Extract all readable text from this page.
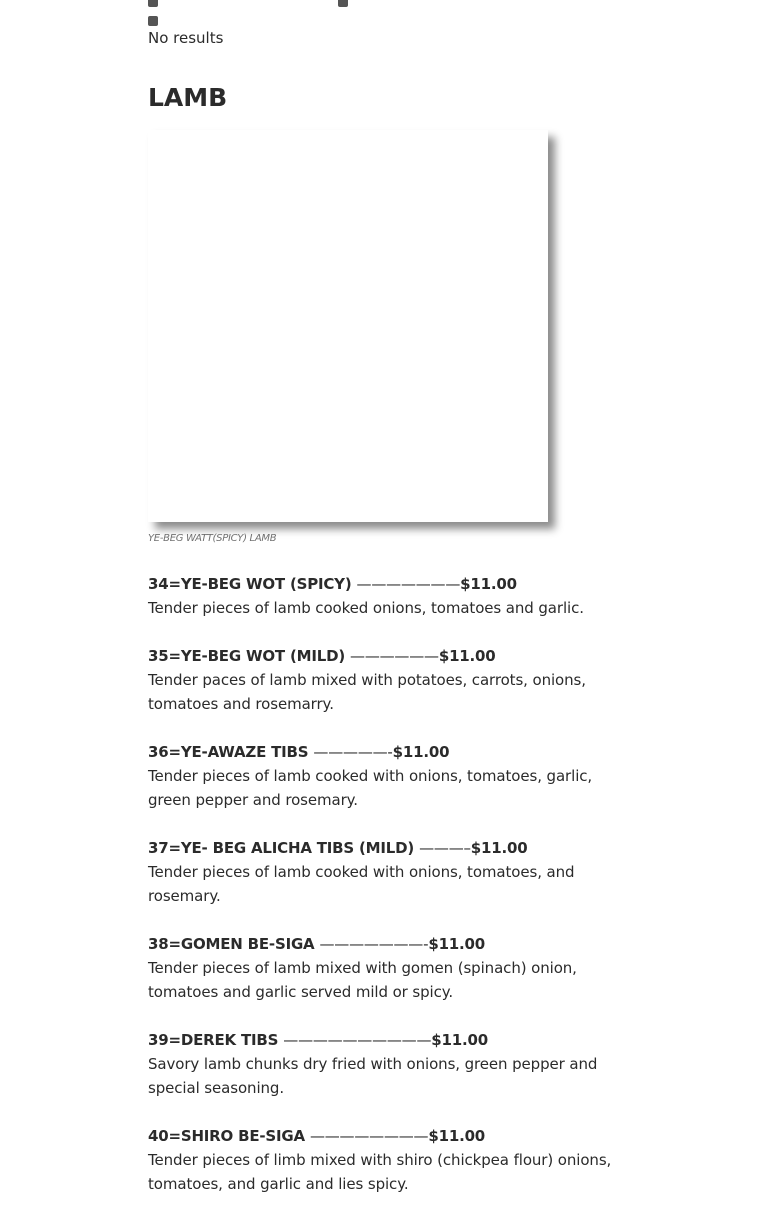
No results
LAMB
YE-BEG WATT(SPICY) LAMB
34=YE-BEG WOT (SPICY) ———————$11.00
Tender pieces of lamb cooked onions, tomatoes and garlic.
35=YE-BEG WOT (MILD) ——————$11.00
Tender paces of lamb mixed with potatoes, carrots, onions, tomatoes and rosemarry.
36=YE-AWAZE TIBS —————-$11.00
Tender pieces of lamb cooked with onions, tomatoes, garlic, green pepper and rosemary.
37=YE- BEG ALICHA TIBS (MILD) ———–$11.00
Tender pieces of lamb cooked with onions, tomatoes, and rosemary.
38=GOMEN BE-SIGA ———————-$11.00
Tender pieces of lamb mixed with gomen (spinach) onion, tomatoes and garlic served mild or spicy.
39=DEREK TIBS ——————————$11.00
Savory lamb chunks dry fried with onions, green pepper and special seasoning.
40=SHIRO BE-SIGA ————————$11.00
Tender pieces of limb mixed with shiro (chickpea flour) onions, tomatoes, and garlic and lies spicy.
